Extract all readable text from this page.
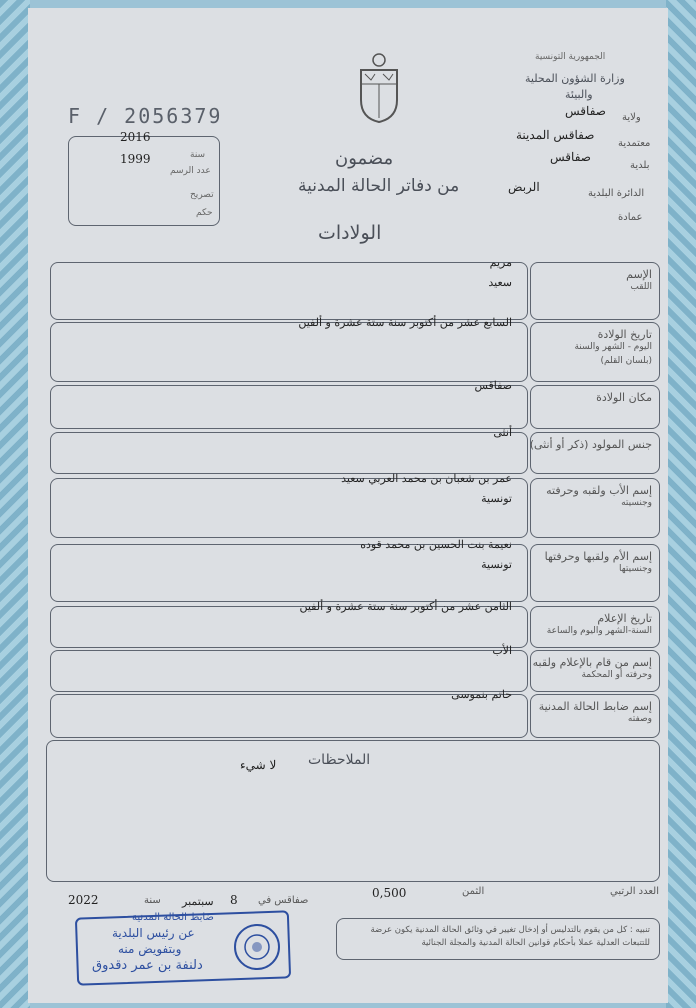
الجمهورية التونسية
وزارة الشؤون المحلية
والبيئة
ولاية
صفاقس
معتمدية
صفاقس المدينة
بلدية
صفاقس
الدائرة البلدية
الربض
عمادة
F / 2056379
2016
1999	سنة
عدد الرسم
تصريح
حكم
مضمون
من دفاتر الحالة المدنية
الولادات
الإسم
اللقب
مريم
سعيد
تاريخ الولادة
اليوم - الشهر والسنة
(بلسان القلم)
السابع عشر من أكتوبر سنة ستة عشرة و ألفين
مكان الولادة
صفاقس
جنس المولود (ذكر أو أنثى)
أنثى
إسم الأب ولقبه وحرفته
وجنسيته
عمر بن شعبان بن محمد العربي سعيد
تونسية
إسم الأم ولقبها وحرفتها
وجنسيتها
نعيمة بنت الحسين بن محمد قوده
تونسية
تاريخ الإعلام
السنة-الشهر واليوم والساعة
الثامن عشر من أكتوبر سنة ستة عشرة و ألفين
إسم من قام بالإعلام ولقبه
وحرفته أو المحكمة
الأب
إسم ضابط الحالة المدنية
وصفته
حاتم بنموسى
الملاحظات
لا شيء
العدد الرتبي
الثمن
0,500
صفاقس في
8
سبتمبر
سنة
2022
تنبيه : كل من يقوم بالتدليس أو إدخال تغيير في وثائق الحالة المدنية يكون عرضة للتتبعات العدلية عملا بأحكام قوانين الحالة المدنية والمجلة الجنائية
ضابط الحالة المدنية
عن رئيس البلدية
وبتفويض منه
دلنفة بن عمر دقدوق
